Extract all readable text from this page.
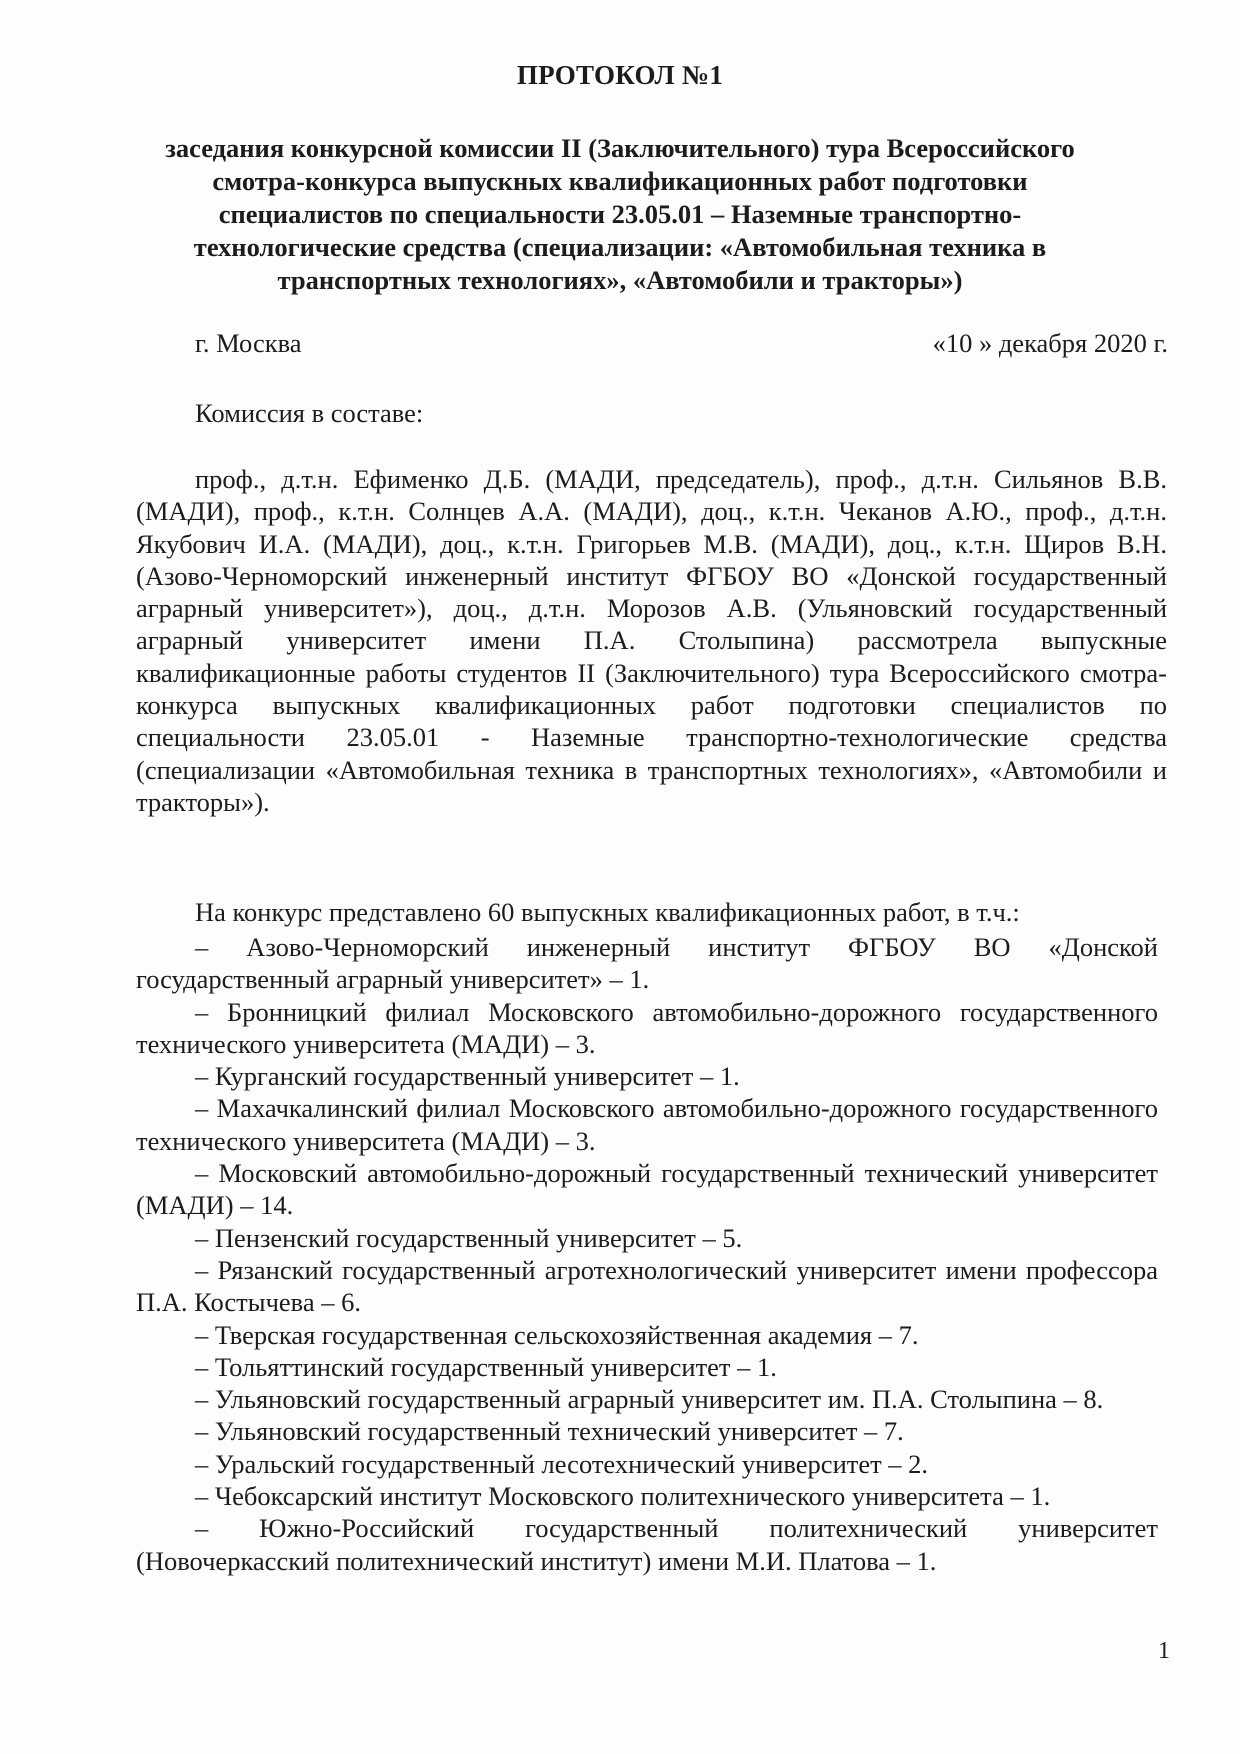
ПРОТОКОЛ №1
заседания конкурсной комиссии II (Заключительного) тура Всероссийского смотра-конкурса выпускных квалификационных работ подготовки специалистов по специальности 23.05.01 – Наземные транспортно-технологические средства (специализации: «Автомобильная техника в транспортных технологиях», «Автомобили и тракторы»)
г. Москва	«10 » декабря 2020 г.
Комиссия в составе:
проф., д.т.н. Ефименко Д.Б. (МАДИ, председатель), проф., д.т.н. Сильянов В.В. (МАДИ), проф., к.т.н. Солнцев А.А. (МАДИ), доц., к.т.н. Чеканов А.Ю., проф., д.т.н. Якубович И.А. (МАДИ), доц., к.т.н. Григорьев М.В. (МАДИ), доц., к.т.н. Щиров В.Н. (Азово-Черноморский инженерный институт ФГБОУ ВО «Донской государственный аграрный университет»), доц., д.т.н. Морозов А.В. (Ульяновский государственный аграрный университет имени П.А. Столыпина) рассмотрела выпускные квалификационные работы студентов II (Заключительного) тура Всероссийского смотра-конкурса выпускных квалификационных работ подготовки специалистов по специальности 23.05.01 - Наземные транспортно-технологические средства (специализации «Автомобильная техника в транспортных технологиях», «Автомобили и тракторы»).
На конкурс представлено 60 выпускных квалификационных работ, в т.ч.:

– Азово-Черноморский инженерный институт ФГБОУ ВО «Донской государственный аграрный университет» – 1.

– Бронницкий филиал Московского автомобильно-дорожного государственного технического университета (МАДИ) – 3.

– Курганский государственный университет – 1.

– Махачкалинский филиал Московского автомобильно-дорожного государственного технического университета (МАДИ) – 3.

– Московский автомобильно-дорожный государственный технический университет (МАДИ) – 14.

– Пензенский государственный университет – 5.

– Рязанский государственный агротехнологический университет имени профессора П.А. Костычева – 6.

– Тверская государственная сельскохозяйственная академия – 7.

– Тольяттинский государственный университет – 1.

– Ульяновский государственный аграрный университет им. П.А. Столыпина – 8.

– Ульяновский государственный технический университет – 7.

– Уральский государственный лесотехнический университет – 2.

– Чебоксарский институт Московского политехнического университета – 1.

– Южно-Российский государственный политехнический университет (Новочеркасский политехнический институт) имени М.И. Платова – 1.

1
